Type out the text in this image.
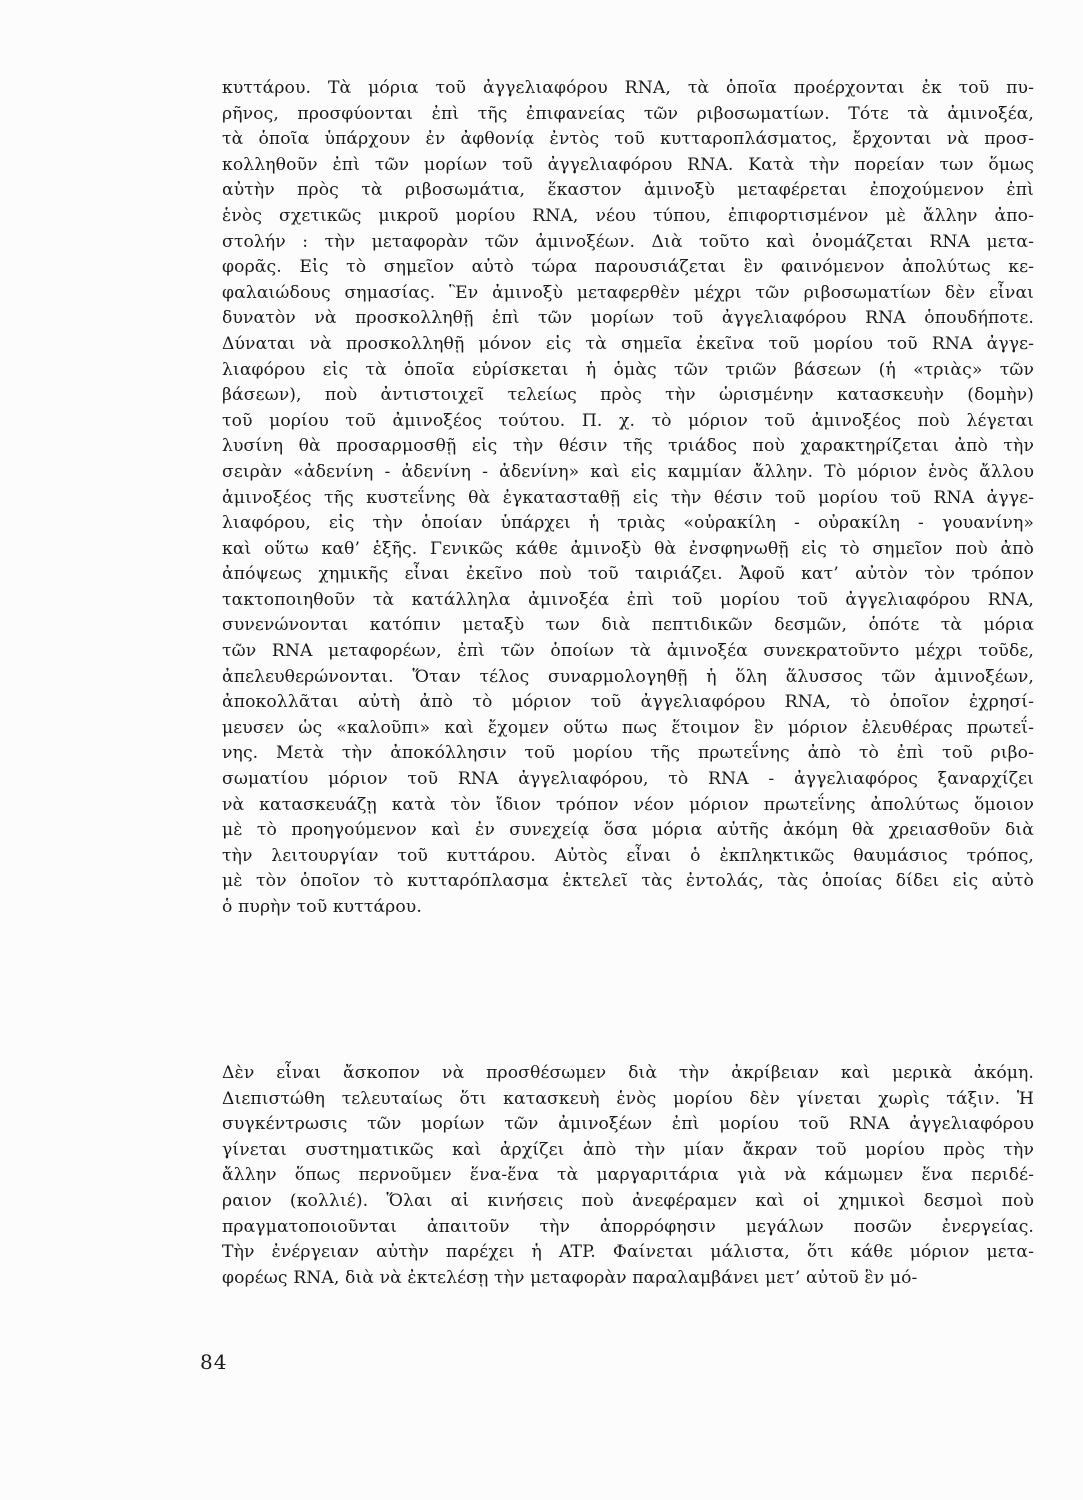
κυττάρου. Τὰ μόρια τοῦ ἀγγελιαφόρου RNA, τὰ ὁποῖα προέρχονται ἐκ τοῦ πυ-
ρῆνος, προσφύονται ἐπὶ τῆς ἐπιφανείας τῶν ριβοσωματίων. Τότε τὰ ἀμινοξέα,
τὰ ὁποῖα ὑπάρχουν ἐν ἀφθονίᾳ ἐντὸς τοῦ κυτταροπλάσματος, ἔρχονται νὰ προσ-
κολληθοῦν ἐπὶ τῶν μορίων τοῦ ἀγγελιαφόρου RNA. Κατὰ τὴν πορείαν των ὅμως
αὐτὴν πρὸς τὰ ριβοσωμάτια, ἕκαστον ἀμινοξὺ μεταφέρεται ἐποχούμενον ἐπὶ
ἑνὸς σχετικῶς μικροῦ μορίου RNA, νέου τύπου, ἐπιφορτισμένον μὲ ἄλλην ἀπο-
στολήν : τὴν μεταφορὰν τῶν ἀμινοξέων. Διὰ τοῦτο καὶ ὀνομάζεται RNA μετα-
φορᾶς. Εἰς τὸ σημεῖον αὐτὸ τώρα παρουσιάζεται ἓν φαινόμενον ἀπολύτως κε-
φαλαιώδους σημασίας. Ἓν ἀμινοξὺ μεταφερθὲν μέχρι τῶν ριβοσωματίων δὲν εἶναι
δυνατὸν νὰ προσκολληθῇ ἐπὶ τῶν μορίων τοῦ ἀγγελιαφόρου RNA ὁπουδήποτε.
Δύναται νὰ προσκολληθῇ μόνον εἰς τὰ σημεῖα ἐκεῖνα τοῦ μορίου τοῦ RNA ἀγγε-
λιαφόρου εἰς τὰ ὁποῖα εὑρίσκεται ἡ ὁμὰς τῶν τριῶν βάσεων (ἡ «τριὰς» τῶν
βάσεων), ποὺ ἀντιστοιχεῖ τελείως πρὸς τὴν ὡρισμένην κατασκευὴν (δομὴν)
τοῦ μορίου τοῦ ἀμινοξέος τούτου. Π. χ. τὸ μόριον τοῦ ἀμινοξέος ποὺ λέγεται
λυσίνη θὰ προσαρμοσθῇ εἰς τὴν θέσιν τῆς τριάδος ποὺ χαρακτηρίζεται ἀπὸ τὴν
σειρὰν «ἀδενίνη - ἀδενίνη - ἀδενίνη» καὶ εἰς καμμίαν ἄλλην. Τὸ μόριον ἑνὸς ἄλλου
ἀμινοξέος τῆς κυστεΐνης θὰ ἐγκατασταθῇ εἰς τὴν θέσιν τοῦ μορίου τοῦ RNA ἀγγε-
λιαφόρου, εἰς τὴν ὁποίαν ὑπάρχει ἡ τριὰς «οὐρακίλη - οὐρακίλη - γουανίνη»
καὶ οὕτω καθ’ ἑξῆς. Γενικῶς κάθε ἀμινοξὺ θὰ ἐνσφηνωθῇ εἰς τὸ σημεῖον ποὺ ἀπὸ
ἀπόψεως χημικῆς εἶναι ἐκεῖνο ποὺ τοῦ ταιριάζει. Ἀφοῦ κατ’ αὐτὸν τὸν τρόπον
τακτοποιηθοῦν τὰ κατάλληλα ἀμινοξέα ἐπὶ τοῦ μορίου τοῦ ἀγγελιαφόρου RNA,
συνενώνονται κατόπιν μεταξὺ των διὰ πεπτιδικῶν δεσμῶν, ὁπότε τὰ μόρια
τῶν RNA μεταφορέων, ἐπὶ τῶν ὁποίων τὰ ἀμινοξέα συνεκρατοῦντο μέχρι τοῦδε,
ἀπελευθερώνονται. Ὅταν τέλος συναρμολογηθῇ ἡ ὅλη ἅλυσσος τῶν ἀμινοξέων,
ἀποκολλᾶται αὐτὴ ἀπὸ τὸ μόριον τοῦ ἀγγελιαφόρου RNA, τὸ ὁποῖον ἐχρησί-
μευσεν ὡς «καλοῦπι» καὶ ἔχομεν οὕτω πως ἕτοιμον ἓν μόριον ἐλευθέρας πρωτεΐ-
νης. Μετὰ τὴν ἀποκόλλησιν τοῦ μορίου τῆς πρωτεΐνης ἀπὸ τὸ ἐπὶ τοῦ ριβο-
σωματίου μόριον τοῦ RNA ἀγγελιαφόρου, τὸ RNA - ἀγγελιαφόρος ξαναρχίζει
νὰ κατασκευάζῃ κατὰ τὸν ἴδιον τρόπον νέον μόριον πρωτεΐνης ἀπολύτως ὅμοιον
μὲ τὸ προηγούμενον καὶ ἐν συνεχείᾳ ὅσα μόρια αὐτῆς ἀκόμη θὰ χρειασθοῦν διὰ
τὴν λειτουργίαν τοῦ κυττάρου. Αὐτὸς εἶναι ὁ ἐκπληκτικῶς θαυμάσιος τρόπος,
μὲ τὸν ὁποῖον τὸ κυτταρόπλασμα ἐκτελεῖ τὰς ἐντολάς, τὰς ὁποίας δίδει εἰς αὐτὸ
ὁ πυρὴν τοῦ κυττάρου.
Δὲν εἶναι ἄσκοπον νὰ προσθέσωμεν διὰ τὴν ἀκρίβειαν καὶ μερικὰ ἀκόμη.
Διεπιστώθη τελευταίως ὅτι κατασκευὴ ἑνὸς μορίου δὲν γίνεται χωρὶς τάξιν. Ἡ
συγκέντρωσις τῶν μορίων τῶν ἀμινοξέων ἐπὶ μορίου τοῦ RNA ἀγγελιαφόρου
γίνεται συστηματικῶς καὶ ἀρχίζει ἀπὸ τὴν μίαν ἄκραν τοῦ μορίου πρὸς τὴν
ἄλλην ὅπως περνοῦμεν ἕνα-ἕνα τὰ μαργαριτάρια γιὰ νὰ κάμωμεν ἕνα περιδέ-
ραιον (κολλιέ). Ὅλαι αἱ κινήσεις ποὺ ἀνεφέραμεν καὶ οἱ χημικοὶ δεσμοὶ ποὺ
πραγματοποιοῦνται ἀπαιτοῦν τὴν ἀπορρόφησιν μεγάλων ποσῶν ἐνεργείας.
Τὴν ἐνέργειαν αὐτὴν παρέχει ἡ ATP. Φαίνεται μάλιστα, ὅτι κάθε μόριον μετα-
φορέως RNA, διὰ νὰ ἐκτελέσῃ τὴν μεταφορὰν παραλαμβάνει μετ’ αὐτοῦ ἓν μό-
84
